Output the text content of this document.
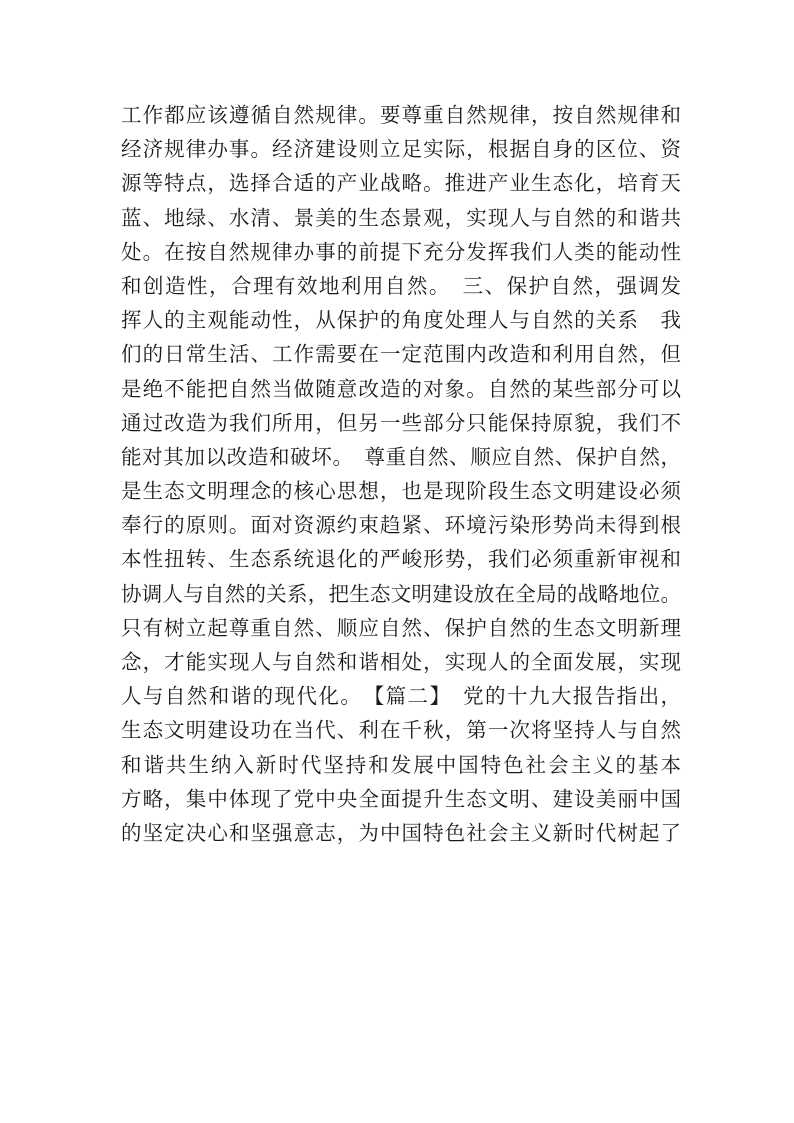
工作都应该遵循自然规律。要尊重自然规律，按自然规律和
经济规律办事。经济建设则立足实际，根据自身的区位、资
源等特点，选择合适的产业战略。推进产业生态化，培育天
蓝、地绿、水清、景美的生态景观，实现人与自然的和谐共
处。在按自然规律办事的前提下充分发挥我们人类的能动性
和创造性，合理有效地利用自然。　三、保护自然，强调发
挥人的主观能动性，从保护的角度处理人与自然的关系　我
们的日常生活、工作需要在一定范围内改造和利用自然，但
是绝不能把自然当做随意改造的对象。自然的某些部分可以
通过改造为我们所用，但另一些部分只能保持原貌，我们不
能对其加以改造和破坏。　尊重自然、顺应自然、保护自然，
是生态文明理念的核心思想，也是现阶段生态文明建设必须
奉行的原则。面对资源约束趋紧、环境污染形势尚未得到根
本性扭转、生态系统退化的严峻形势，我们必须重新审视和
协调人与自然的关系，把生态文明建设放在全局的战略地位。
只有树立起尊重自然、顺应自然、保护自然的生态文明新理
念，才能实现人与自然和谐相处，实现人的全面发展，实现
人与自然和谐的现代化。　【篇二】　党的十九大报告指出，
生态文明建设功在当代、利在千秋，第一次将坚持人与自然
和谐共生纳入新时代坚持和发展中国特色社会主义的基本
方略，集中体现了党中央全面提升生态文明、建设美丽中国
的坚定决心和坚强意志，为中国特色社会主义新时代树起了
